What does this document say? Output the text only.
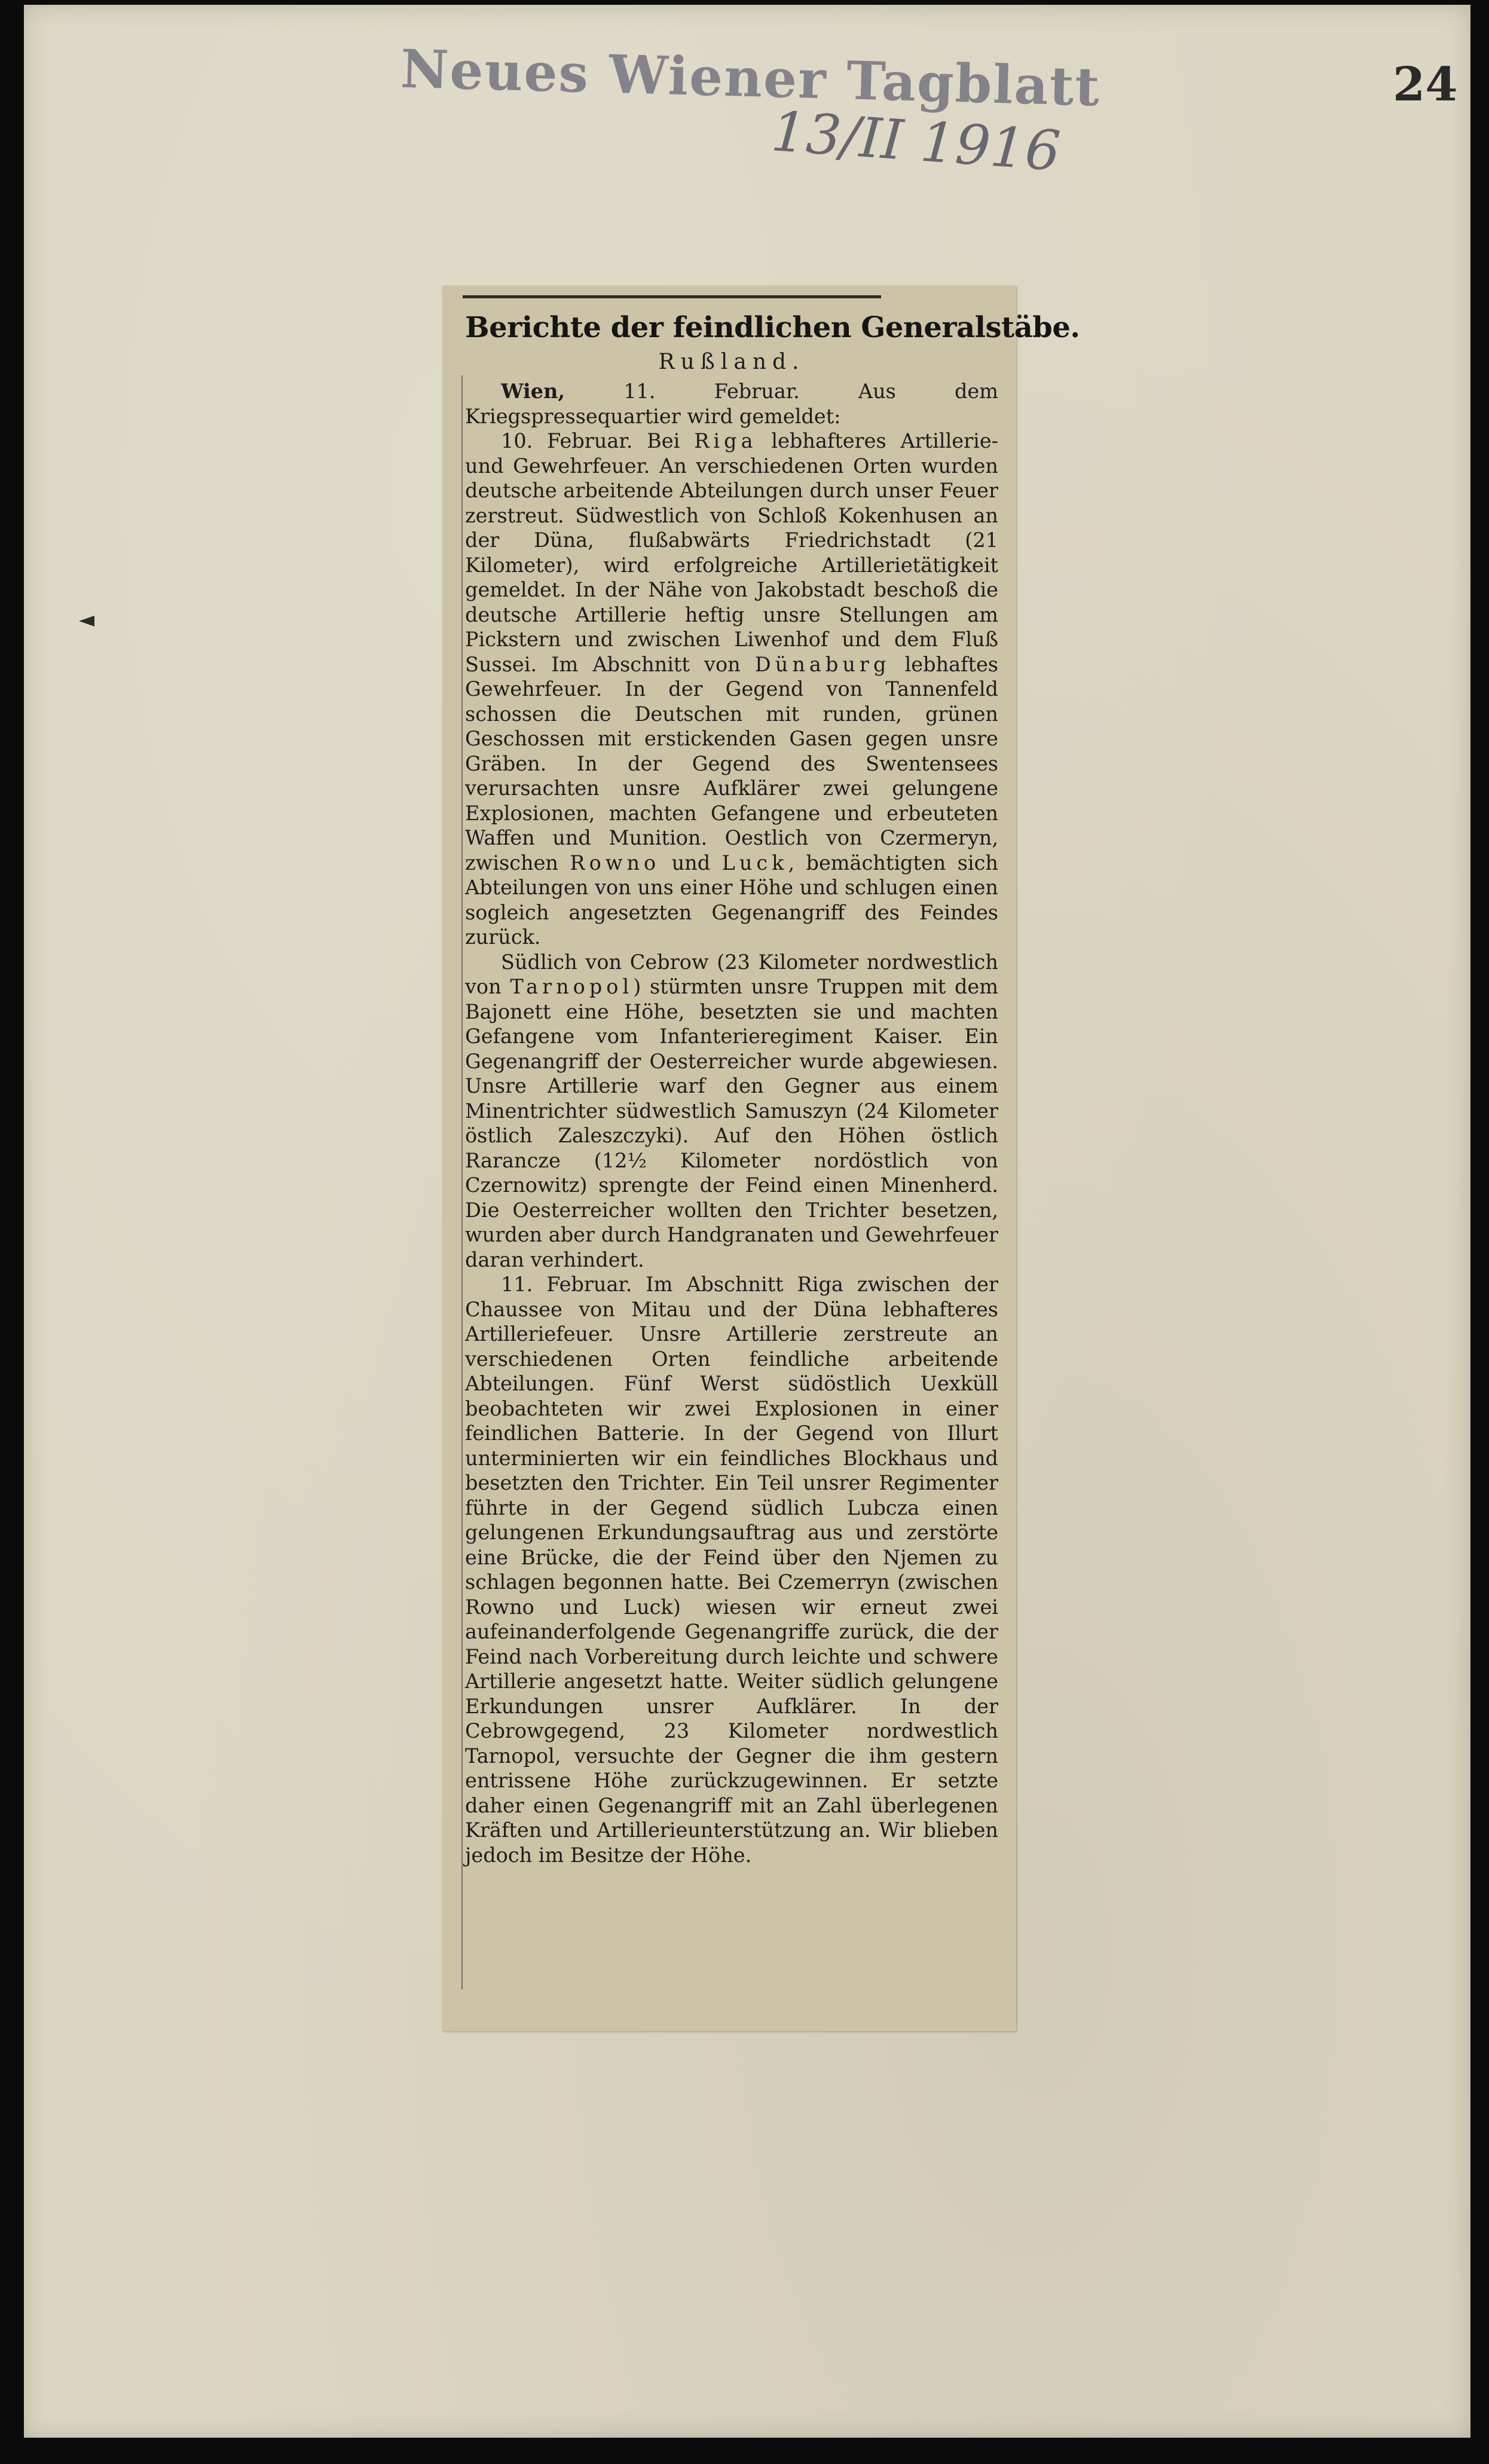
Neues Wiener Tagblatt
13/II 1916
24
Berichte der feindlichen Generalstäbe.
Rußland.

Wien, 11. Februar. Aus dem Kriegspressequartier wird gemeldet:

10. Februar. Bei Riga lebhafteres Artillerie- und Gewehrfeuer. An verschiedenen Orten wurden deutsche arbeitende Abteilungen durch unser Feuer zerstreut. Südwestlich von Schloß Kokenhusen an der Düna, flußabwärts Friedrichstadt (21 Kilometer), wird erfolgreiche Artillerietätigkeit gemeldet. In der Nähe von Jakobstadt beschoß die deutsche Artillerie heftig unsre Stellungen am Pickstern und zwischen Liwenhof und dem Fluß Sussei. Im Abschnitt von Dünaburg lebhaftes Gewehrfeuer. In der Gegend von Tannenfeld schossen die Deutschen mit runden, grünen Geschossen mit erstickenden Gasen gegen unsre Gräben. In der Gegend des Swentensees verursachten unsre Aufklärer zwei gelungene Explosionen, machten Gefangene und erbeuteten Waffen und Munition. Oestlich von Czermeryn, zwischen Rowno und Luck, bemächtigten sich Abteilungen von uns einer Höhe und schlugen einen sogleich angesetzten Gegenangriff des Feindes zurück.

Südlich von Cebrow (23 Kilometer nordwestlich von Tarnopol) stürmten unsre Truppen mit dem Bajonett eine Höhe, besetzten sie und machten Gefangene vom Infanterieregiment Kaiser. Ein Gegenangriff der Oesterreicher wurde abgewiesen. Unsre Artillerie warf den Gegner aus einem Minentrichter südwestlich Samuszyn (24 Kilometer östlich Zaleszczyki). Auf den Höhen östlich Rarancze (12½ Kilometer nordöstlich von Czernowitz) sprengte der Feind einen Minenherd. Die Oesterreicher wollten den Trichter besetzen, wurden aber durch Handgranaten und Gewehrfeuer daran verhindert.

11. Februar. Im Abschnitt Riga zwischen der Chaussee von Mitau und der Düna lebhafteres Artilleriefeuer. Unsre Artillerie zerstreute an verschiedenen Orten feindliche arbeitende Abteilungen. Fünf Werst südöstlich Uexküll beobachteten wir zwei Explosionen in einer feindlichen Batterie. In der Gegend von Illurt unterminierten wir ein feindliches Blockhaus und besetzten den Trichter. Ein Teil unsrer Regimenter führte in der Gegend südlich Lubcza einen gelungenen Erkundungsauftrag aus und zerstörte eine Brücke, die der Feind über den Njemen zu schlagen begonnen hatte. Bei Czemerryn (zwischen Rowno und Luck) wiesen wir erneut zwei aufeinanderfolgende Gegenangriffe zurück, die der Feind nach Vorbereitung durch leichte und schwere Artillerie angesetzt hatte. Weiter südlich gelungene Erkundungen unsrer Aufklärer. In der Cebrowgegend, 23 Kilometer nordwestlich Tarnopol, versuchte der Gegner die ihm gestern entrissene Höhe zurückzugewinnen. Er setzte daher einen Gegenangriff mit an Zahl überlegenen Kräften und Artillerieunterstützung an. Wir blieben jedoch im Besitze der Höhe.
